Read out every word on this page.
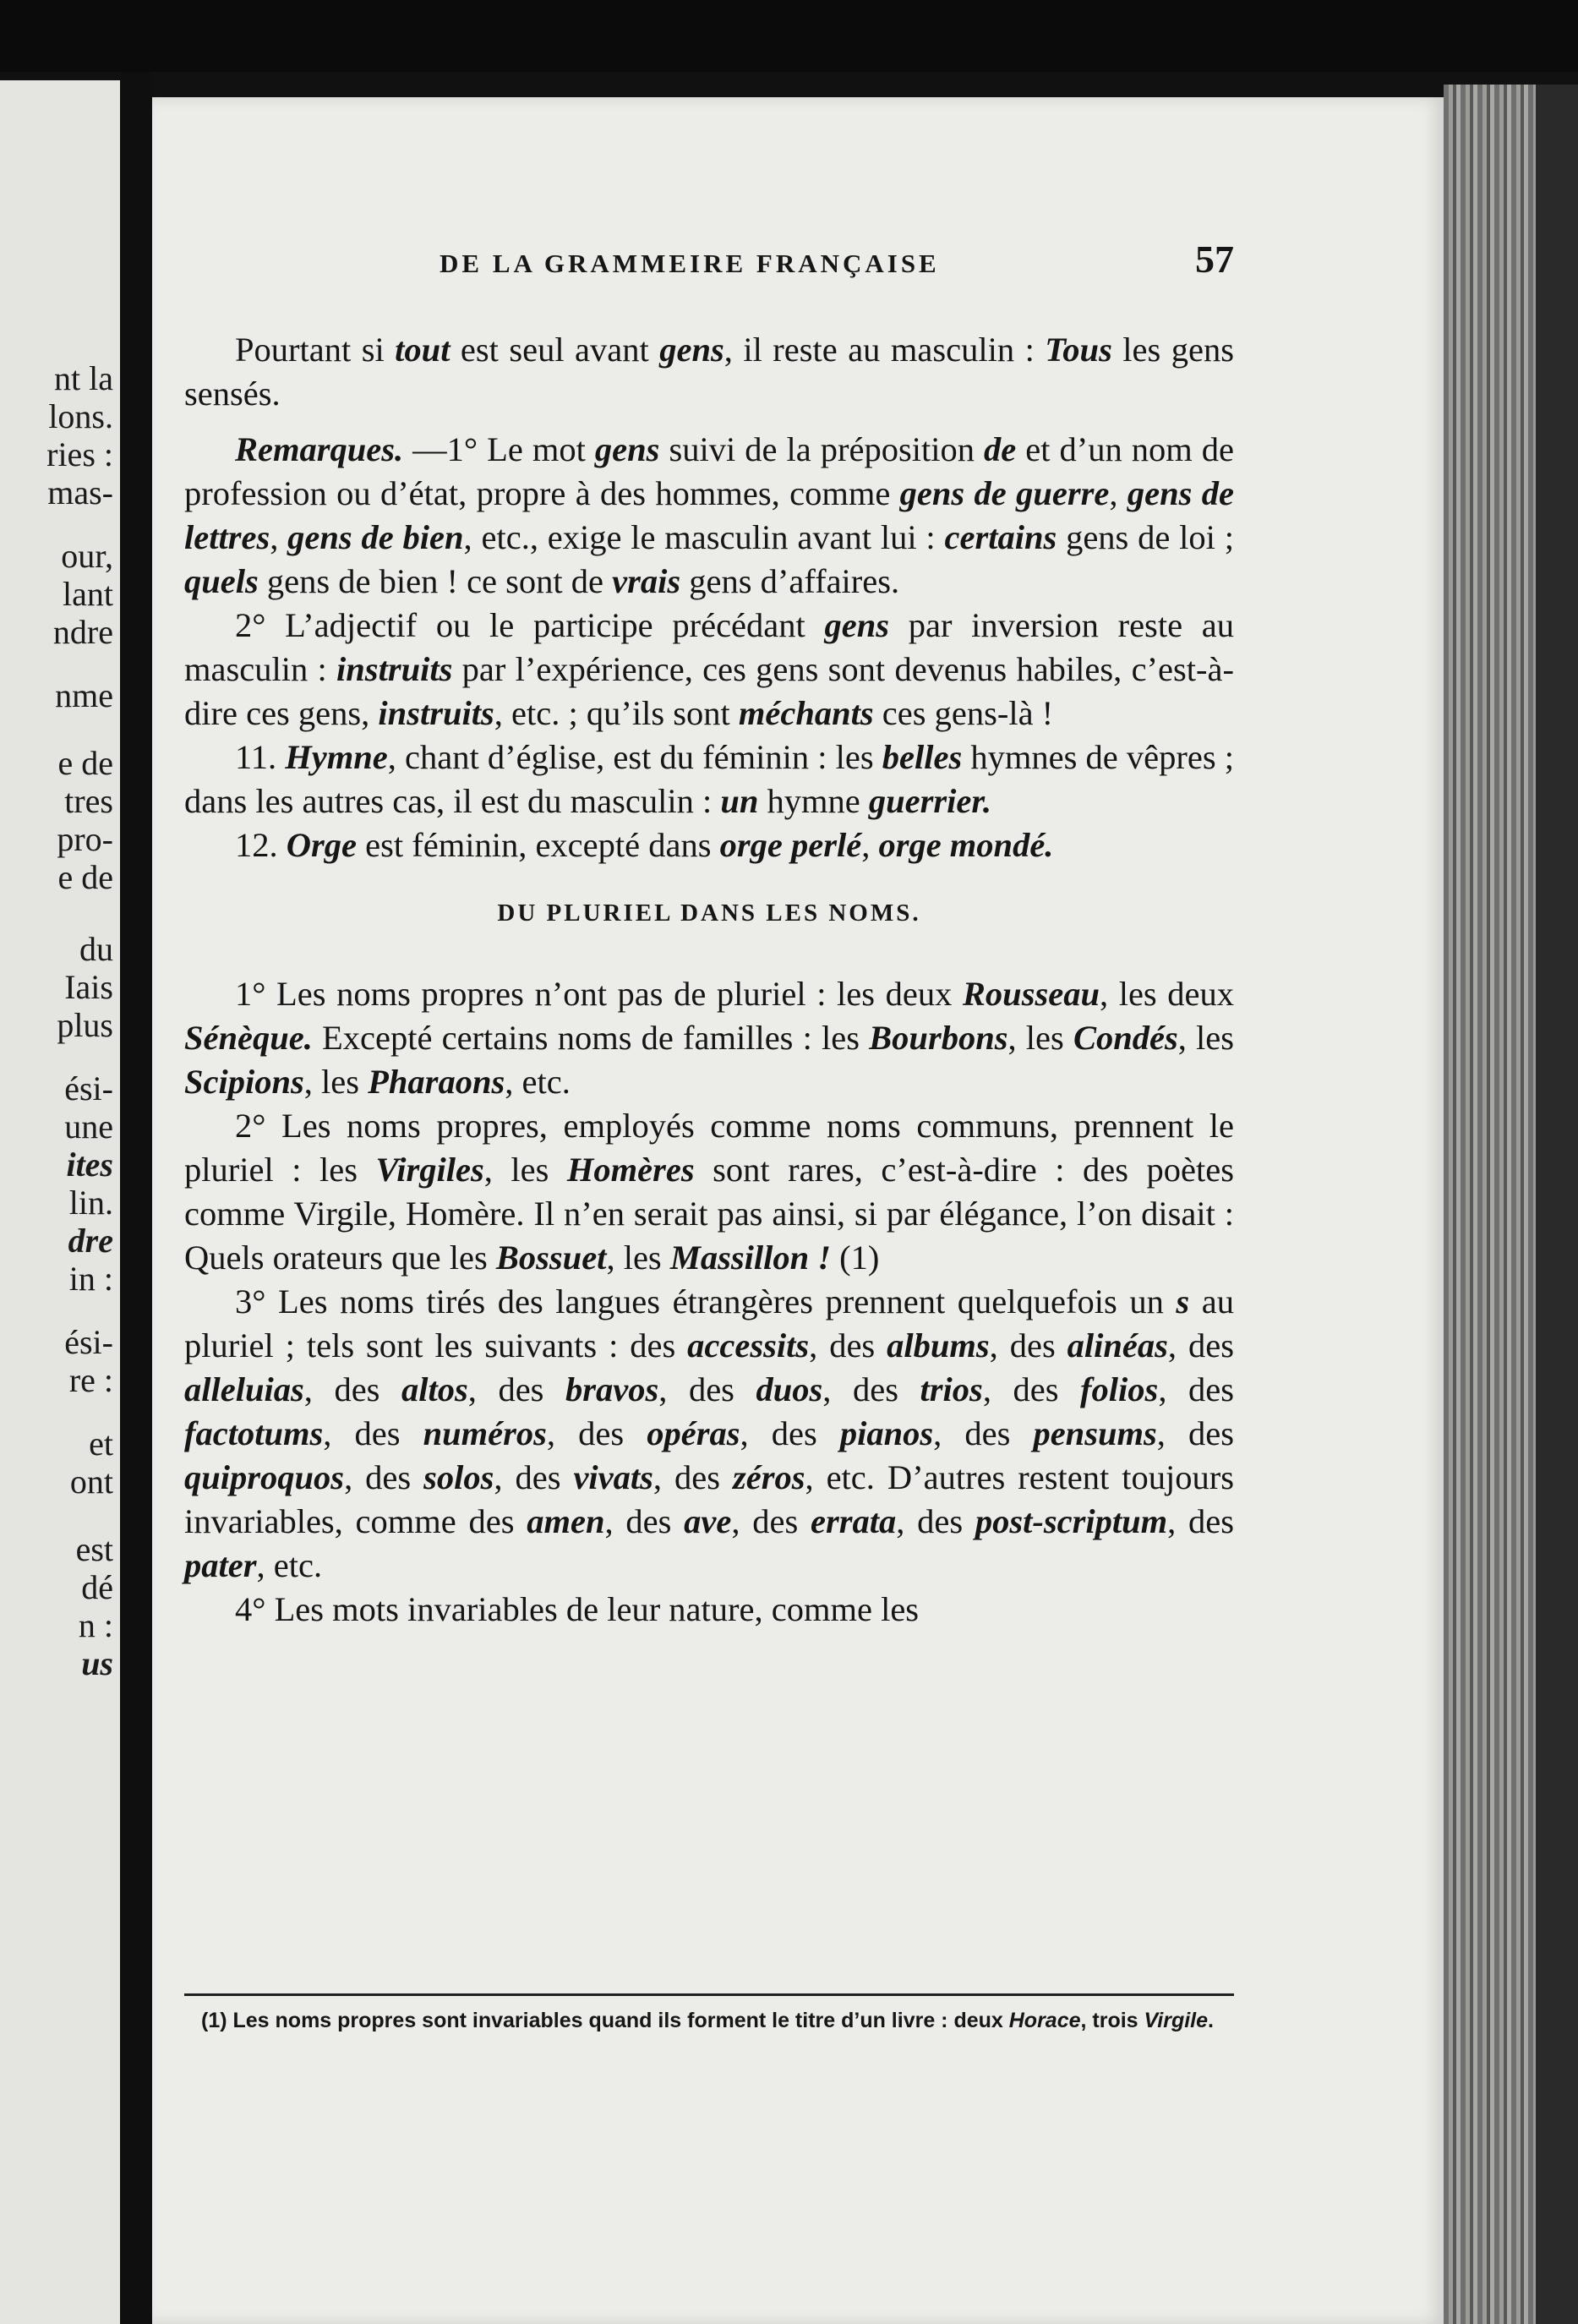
nt la
lons.
ries :
mas-
our,
lant
ndre
nme
e de
tres
pro-
e de
du
Iais
plus
ési-
une
ites
lin.
dre
in :
ési-
re :
et
ont
est
dé
n :
us
DE LA GRAMMEIRE FRANÇAISE	57

Pourtant si tout est seul avant gens, il reste au masculin : Tous les gens sensés.

Remarques. —1° Le mot gens suivi de la préposition de et d’un nom de profession ou d’état, propre à des hommes, comme gens de guerre, gens de lettres, gens de bien, etc., exige le masculin avant lui : certains gens de loi ; quels gens de bien ! ce sont de vrais gens d’affaires.

2° L’adjectif ou le participe précédant gens par inversion reste au masculin : instruits par l’expérience, ces gens sont devenus habiles, c’est-à-dire ces gens, instruits, etc. ; qu’ils sont méchants ces gens-là !

11. Hymne, chant d’église, est du féminin : les belles hymnes de vêpres ; dans les autres cas, il est du masculin : un hymne guerrier.

12. Orge est féminin, excepté dans orge perlé, orge mondé.

DU PLURIEL DANS LES NOMS.

1° Les noms propres n’ont pas de pluriel : les deux Rousseau, les deux Sénèque. Excepté certains noms de familles : les Bourbons, les Condés, les Scipions, les Pharaons, etc.

2° Les noms propres, employés comme noms communs, prennent le pluriel : les Virgiles, les Homères sont rares, c’est-à-dire : des poètes comme Virgile, Homère. Il n’en serait pas ainsi, si par élégance, l’on disait : Quels orateurs que les Bossuet, les Massillon ! (1)

3° Les noms tirés des langues étrangères prennent quelquefois un s au pluriel ; tels sont les suivants : des accessits, des albums, des alinéas, des alleluias, des altos, des bravos, des duos, des trios, des folios, des factotums, des numéros, des opéras, des pianos, des pensums, des quiproquos, des solos, des vivats, des zéros, etc. D’autres restent toujours invariables, comme des amen, des ave, des errata, des post-scriptum, des pater, etc.

4° Les mots invariables de leur nature, comme les

(1) Les noms propres sont invariables quand ils forment le titre d’un livre : deux Horace, trois Virgile.
